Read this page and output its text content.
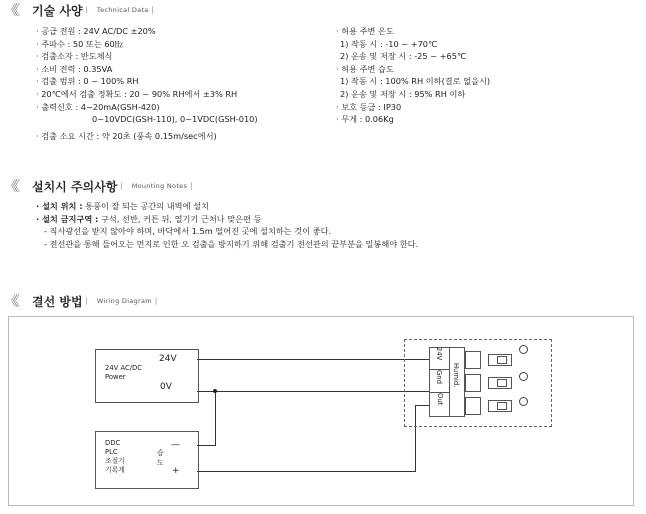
《《	기술 사양 | Technical Data |
· 공급 전원 : 24V AC/DC ±20%
· 주파수 : 50 또는 60㎐
· 검출소자 : 반도체식
· 소비 전력 : 0.35VA
· 검출 범위 : 0 ~ 100% RH
· 20℃에서 검출 정확도 : 20 ~ 90% RH에서 ±3% RH
· 출력신호 : 4~20mA(GSH-420)
0~10VDC(GSH-110), 0~1VDC(GSH-010)
· 검출 소요 시간 : 약 20초 (풍속 0.15m/sec에서)
· 허용 주변 온도
1) 작동 시 : -10 ~ +70℃
2) 운송 및 저장 시 : -25 ~ +65℃
· 허용 주변 습도
1) 작동 시 : 100% RH 이하(결로 없을시)
2) 운송 및 저장 시 : 95% RH 이하
· 보호 등급 : IP30
· 무게 : 0.06Kg
《《	설치시 주의사항 | Mounting Notes |
· 설치 위치 : 통풍이 잘 되는 공간의 내벽에 설치
· 설치 금지구역 : 구석, 선반, 커튼 뒤, 열기기 근처나 맞은편 등
- 직사광선을 받지 않아야 하며, 바닥에서 1.5m 떨어진 곳에 설치하는 것이 좋다.
- 전선관을 통해 들어오는 먼지로 인한 오 검출을 방지하기 위해 검출기 전선관의 끝부분을 밀봉해야 한다.
《《	결선 방법 | Wiring Diagram |
24V AC/DC
Power
24V
0V
DDC
PLC
조절기
기록계
—
습
도
+
24V
Gnd
Out
Humid.
